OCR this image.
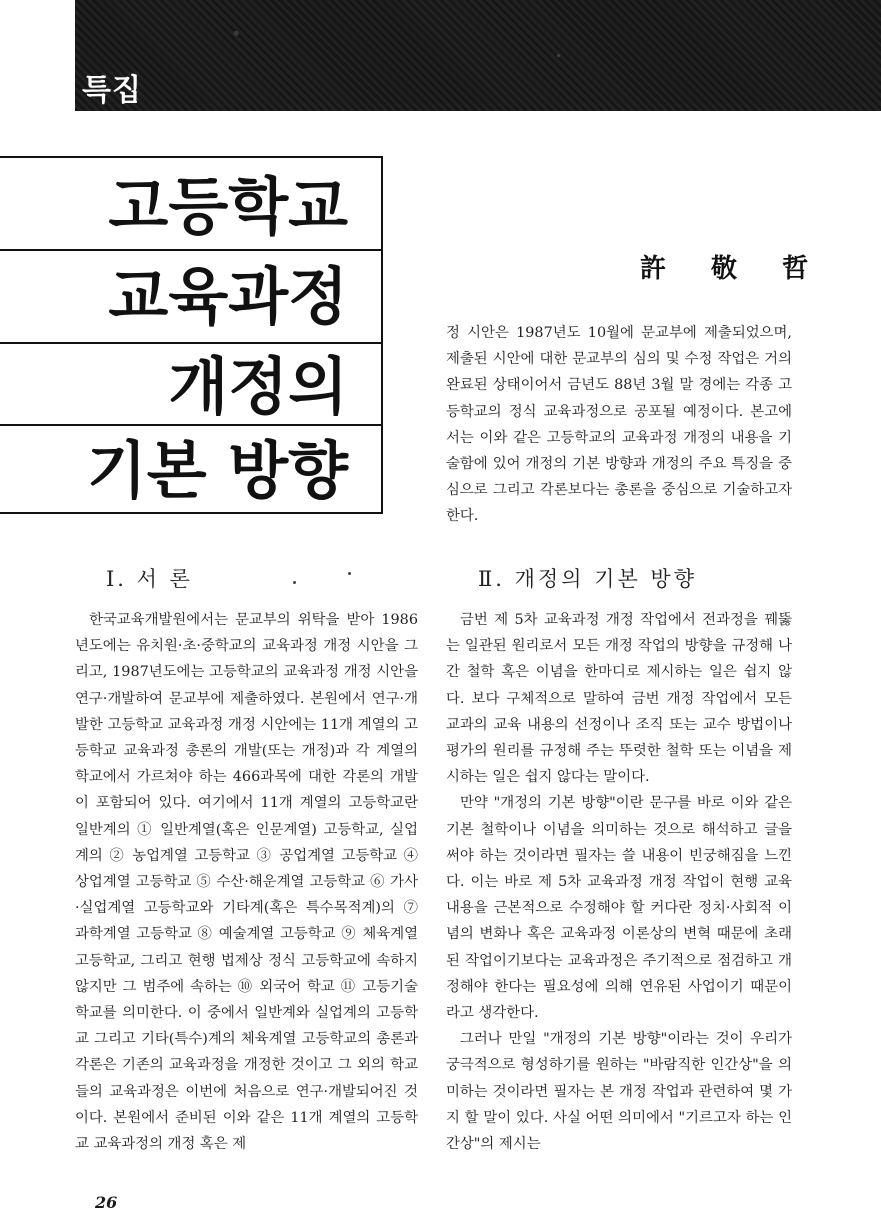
특집
고등학교
교육과정
개정의
기본 방향
許 敬 哲

정 시안은 1987년도 10월에 문교부에 제출되었으며, 제출된 시안에 대한 문교부의 심의 및 수정 작업은 거의 완료된 상태이어서 금년도 88년 3월 말 경에는 각종 고등학교의 정식 교육과정으로 공포될 예정이다. 본고에서는 이와 같은 고등학교의 교육과정 개정의 내용을 기술함에 있어 개정의 기본 방향과 개정의 주요 특징을 중심으로 그리고 각론보다는 총론을 중심으로 기술하고자 한다.

Ⅰ. 서 론	Ⅱ. 개정의 기본 방향

한국교육개발원에서는 문교부의 위탁을 받아 1986년도에는 유치원·초·중학교의 교육과정 개정 시안을 그리고, 1987년도에는 고등학교의 교육과정 개정 시안을 연구·개발하여 문교부에 제출하였다. 본원에서 연구·개발한 고등학교 교육과정 개정 시안에는 11개 계열의 고등학교 교육과정 총론의 개발(또는 개정)과 각 계열의 학교에서 가르쳐야 하는 466과목에 대한 각론의 개발이 포함되어 있다. 여기에서 11개 계열의 고등학교란 일반계의 ① 일반계열(혹은 인문계열) 고등학교, 실업계의 ② 농업계열 고등학교 ③ 공업계열 고등학교 ④ 상업계열 고등학교 ⑤ 수산·해운계열 고등학교 ⑥ 가사·실업계열 고등학교와 기타계(혹은 특수목적계)의 ⑦ 과학계열 고등학교 ⑧ 예술계열 고등학교 ⑨ 체육계열 고등학교, 그리고 현행 법제상 정식 고등학교에 속하지 않지만 그 범주에 속하는 ⑩ 외국어 학교 ⑪ 고등기술학교를 의미한다. 이 중에서 일반계와 실업계의 고등학교 그리고 기타(특수)계의 체육계열 고등학교의 총론과 각론은 기존의 교육과정을 개정한 것이고 그 외의 학교들의 교육과정은 이번에 처음으로 연구·개발되어진 것이다. 본원에서 준비된 이와 같은 11개 계열의 고등학교 교육과정의 개정 혹은 제

금번 제 5차 교육과정 개정 작업에서 전과정을 꿰뚫는 일관된 원리로서 모든 개정 작업의 방향을 규정해 나간 철학 혹은 이념을 한마디로 제시하는 일은 쉽지 않다. 보다 구체적으로 말하여 금번 개정 작업에서 모든 교과의 교육 내용의 선정이나 조직 또는 교수 방법이나 평가의 원리를 규정해 주는 뚜렷한 철학 또는 이념을 제시하는 일은 쉽지 않다는 말이다.

만약 "개정의 기본 방향"이란 문구를 바로 이와 같은 기본 철학이나 이념을 의미하는 것으로 해석하고 글을 써야 하는 것이라면 필자는 쓸 내용이 빈궁해짐을 느낀다. 이는 바로 제 5차 교육과정 개정 작업이 현행 교육 내용을 근본적으로 수정해야 할 커다란 정치·사회적 이념의 변화나 혹은 교육과정 이론상의 변혁 때문에 초래된 작업이기보다는 교육과정은 주기적으로 점검하고 개정해야 한다는 필요성에 의해 연유된 사업이기 때문이라고 생각한다.

그러나 만일 "개정의 기본 방향"이라는 것이 우리가 궁극적으로 형성하기를 원하는 "바람직한 인간상"을 의미하는 것이라면 필자는 본 개정 작업과 관련하여 몇 가지 할 말이 있다. 사실 어떤 의미에서 "기르고자 하는 인간상"의 제시는

26
